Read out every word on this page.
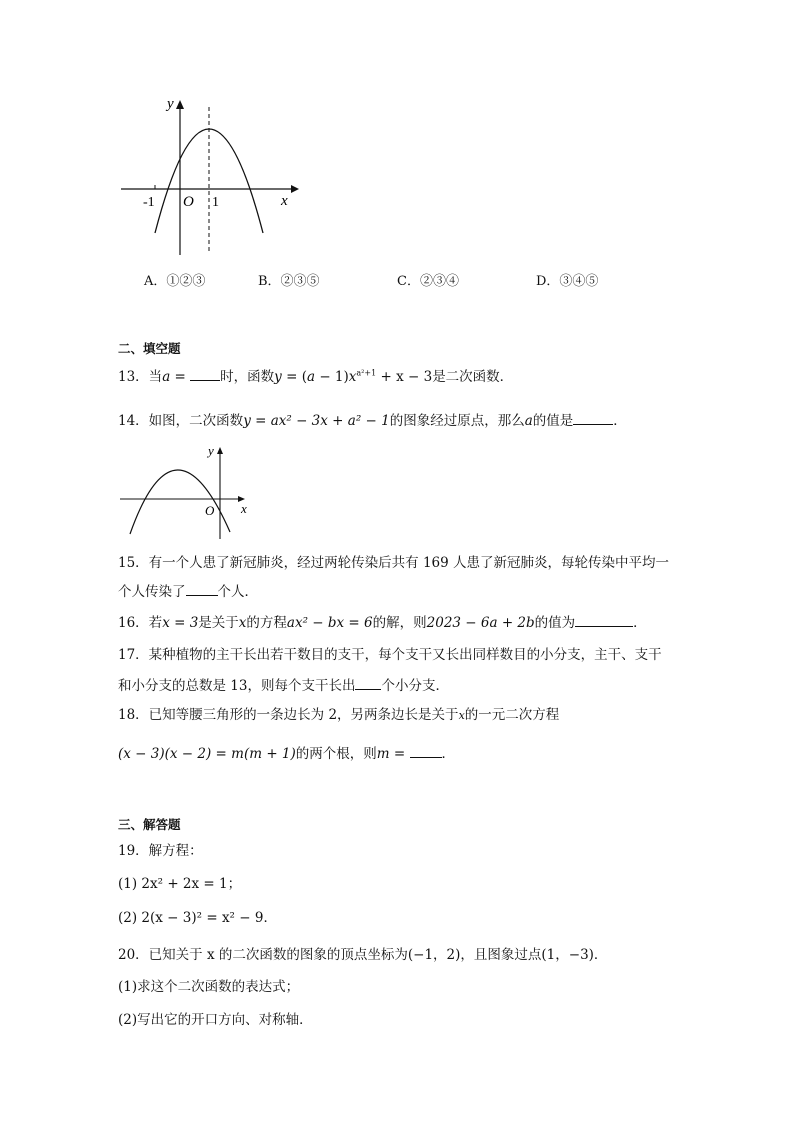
y
x
O
-1	1
A．①②③	B．②③⑤	C．②③④	D．③④⑤
二、填空题
13．当a = 时，函数$y = (a - 1)x^{a^2+1} + x - 3$是二次函数．
14．如图，二次函数y = ax² − 3x + a² − 1的图象经过原点，那么a的值是	．
y
x
O
15．有一个人患了新冠肺炎，经过两轮传染后共有 169 人患了新冠肺炎，每轮传染中平均一
个人传染了 个人．
16．若x = 3是关于x的方程ax² − bx = 6的解，则2023 − 6a + 2b的值为	．
17．某种植物的主干长出若干数目的支干，每个支干又长出同样数目的小分支，主干、支干
和小分支的总数是 13，则每个支干长出 个小分支．
18．已知等腰三角形的一条边长为 2，另两条边长是关于x的一元二次方程
(x − 3)(x − 2) = m(m + 1)的两个根，则m = ．
三、解答题
19．解方程：
(1) 2x² + 2x = 1；
(2) 2(x − 3)² = x² − 9．
20．已知关于 x 的二次函数的图象的顶点坐标为(−1，2)，且图象过点(1，−3)．
(1)求这个二次函数的表达式；
(2)写出它的开口方向、对称轴．
